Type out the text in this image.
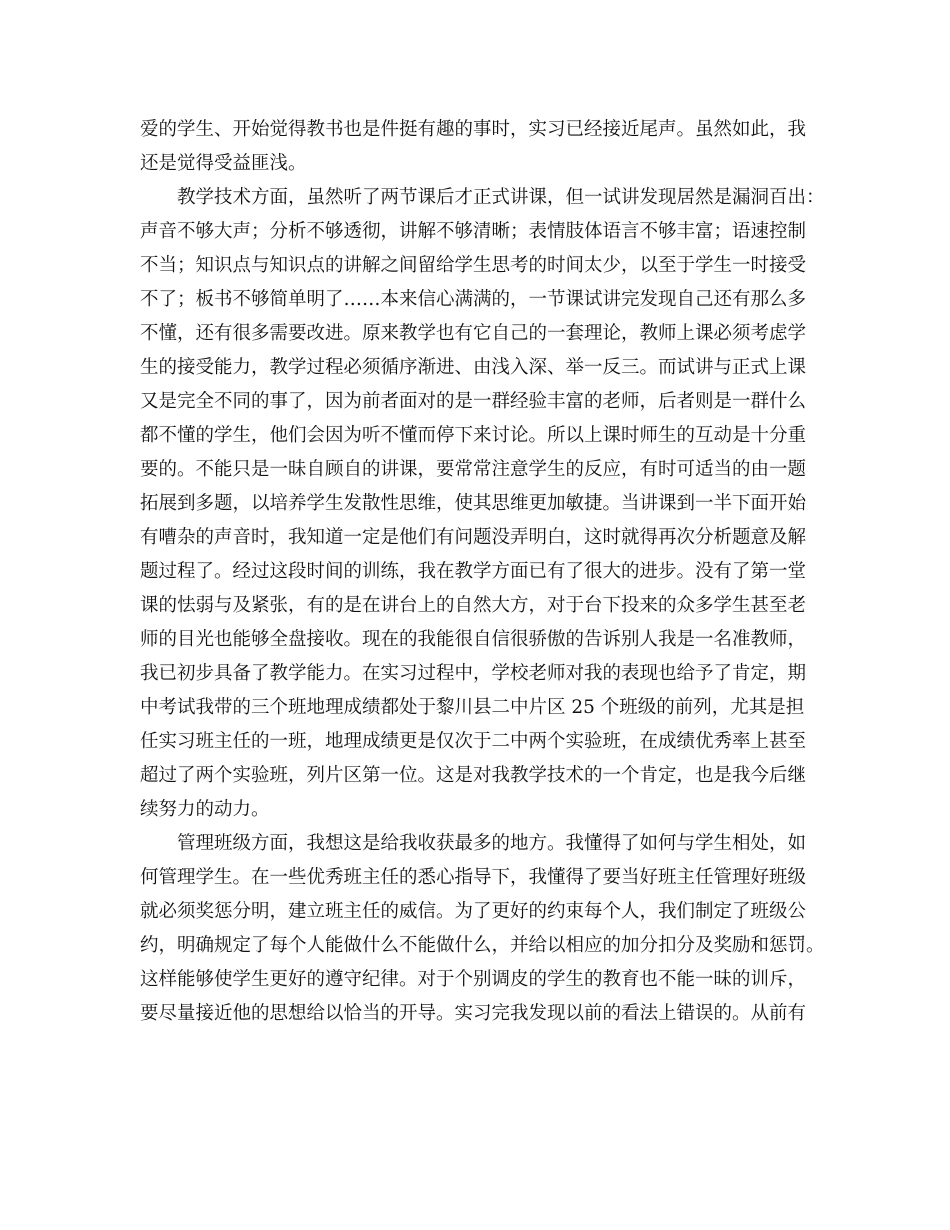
爱的学生、开始觉得教书也是件挺有趣的事时，实习已经接近尾声。虽然如此，我
还是觉得受益匪浅。
教学技术方面，虽然听了两节课后才正式讲课，但一试讲发现居然是漏洞百出：
声音不够大声；分析不够透彻，讲解不够清晰；表情肢体语言不够丰富；语速控制
不当；知识点与知识点的讲解之间留给学生思考的时间太少，以至于学生一时接受
不了；板书不够简单明了……本来信心满满的，一节课试讲完发现自己还有那么多
不懂，还有很多需要改进。原来教学也有它自己的一套理论，教师上课必须考虑学
生的接受能力，教学过程必须循序渐进、由浅入深、举一反三。而试讲与正式上课
又是完全不同的事了，因为前者面对的是一群经验丰富的老师，后者则是一群什么
都不懂的学生，他们会因为听不懂而停下来讨论。所以上课时师生的互动是十分重
要的。不能只是一昧自顾自的讲课，要常常注意学生的反应，有时可适当的由一题
拓展到多题，以培养学生发散性思维，使其思维更加敏捷。当讲课到一半下面开始
有嘈杂的声音时，我知道一定是他们有问题没弄明白，这时就得再次分析题意及解
题过程了。经过这段时间的训练，我在教学方面已有了很大的进步。没有了第一堂
课的怯弱与及紧张，有的是在讲台上的自然大方，对于台下投来的众多学生甚至老
师的目光也能够全盘接收。现在的我能很自信很骄傲的告诉别人我是一名准教师，
我已初步具备了教学能力。在实习过程中，学校老师对我的表现也给予了肯定，期
中考试我带的三个班地理成绩都处于黎川县二中片区 25 个班级的前列，尤其是担
任实习班主任的一班，地理成绩更是仅次于二中两个实验班，在成绩优秀率上甚至
超过了两个实验班，列片区第一位。这是对我教学技术的一个肯定，也是我今后继
续努力的动力。
管理班级方面，我想这是给我收获最多的地方。我懂得了如何与学生相处，如
何管理学生。在一些优秀班主任的悉心指导下，我懂得了要当好班主任管理好班级
就必须奖惩分明，建立班主任的威信。为了更好的约束每个人，我们制定了班级公
约，明确规定了每个人能做什么不能做什么，并给以相应的加分扣分及奖励和惩罚。
这样能够使学生更好的遵守纪律。对于个别调皮的学生的教育也不能一昧的训斥，
要尽量接近他的思想给以恰当的开导。实习完我发现以前的看法上错误的。从前有
